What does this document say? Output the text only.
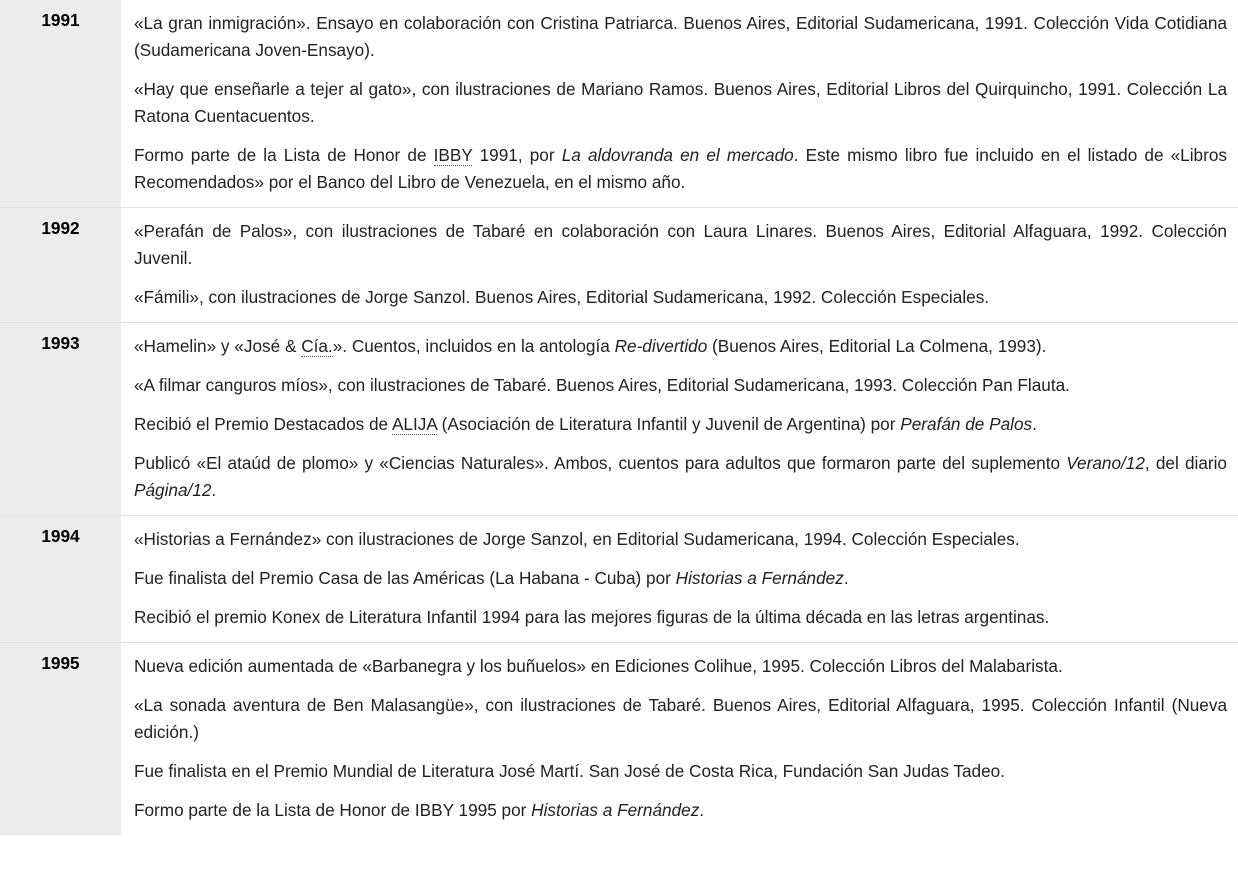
1991	«La gran inmigración». Ensayo en colaboración con Cristina Patriarca. Buenos Aires, Editorial Sudamericana, 1991. Colección Vida Cotidiana (Sudamericana Joven-Ensayo).

«Hay que enseñarle a tejer al gato», con ilustraciones de Mariano Ramos. Buenos Aires, Editorial Libros del Quirquincho, 1991. Colección La Ratona Cuentacuentos.

Formo parte de la Lista de Honor de IBBY 1991, por La aldovranda en el mercado. Este mismo libro fue incluido en el listado de «Libros Recomendados» por el Banco del Libro de Venezuela, en el mismo año.

1992	«Perafán de Palos», con ilustraciones de Tabaré en colaboración con Laura Linares. Buenos Aires, Editorial Alfaguara, 1992. Colección Juvenil.

«Fámili», con ilustraciones de Jorge Sanzol. Buenos Aires, Editorial Sudamericana, 1992. Colección Especiales.

1993	«Hamelin» y «José & Cía.». Cuentos, incluidos en la antología Re-divertido (Buenos Aires, Editorial La Colmena, 1993).

«A filmar canguros míos», con ilustraciones de Tabaré. Buenos Aires, Editorial Sudamericana, 1993. Colección Pan Flauta.

Recibió el Premio Destacados de ALIJA (Asociación de Literatura Infantil y Juvenil de Argentina) por Perafán de Palos.

Publicó «El ataúd de plomo» y «Ciencias Naturales». Ambos, cuentos para adultos que formaron parte del suplemento Verano/12, del diario Página/12.

1994	«Historias a Fernández» con ilustraciones de Jorge Sanzol, en Editorial Sudamericana, 1994. Colección Especiales.

Fue finalista del Premio Casa de las Américas (La Habana - Cuba) por Historias a Fernández.

Recibió el premio Konex de Literatura Infantil 1994 para las mejores figuras de la última década en las letras argentinas.

1995	Nueva edición aumentada de «Barbanegra y los buñuelos» en Ediciones Colihue, 1995. Colección Libros del Malabarista.

«La sonada aventura de Ben Malasangüe», con ilustraciones de Tabaré. Buenos Aires, Editorial Alfaguara, 1995. Colección Infantil (Nueva edición.)

Fue finalista en el Premio Mundial de Literatura José Martí. San José de Costa Rica, Fundación San Judas Tadeo.

Formo parte de la Lista de Honor de IBBY 1995 por Historias a Fernández.
